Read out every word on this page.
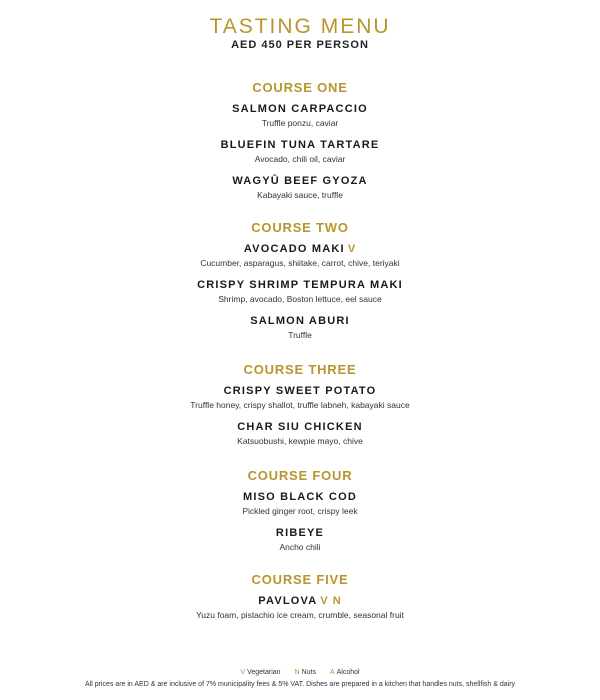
TASTING MENU
AED 450 PER PERSON
COURSE ONE
SALMON CARPACCIO
Truffle ponzu, caviar
BLUEFIN TUNA TARTARE
Avocado, chili oil, caviar
WAGYŪ BEEF GYOZA
Kabayaki sauce, truffle
COURSE TWO
AVOCADO MAKI V
Cucumber, asparagus, shiitake, carrot, chive, teriyaki
CRISPY SHRIMP TEMPURA MAKI
Shrimp, avocado, Boston lettuce, eel sauce
SALMON ABURI
Truffle
COURSE THREE
CRISPY SWEET POTATO
Truffle honey, crispy shallot, truffle labneh, kabayaki sauce
CHAR SIU CHICKEN
Katsuobushi, kewpie mayo, chive
COURSE FOUR
MISO BLACK COD
Pickled ginger root, crispy leek
RIBEYE
Ancho chili
COURSE FIVE
PAVLOVA V N
Yuzu foam, pistachio ice cream, crumble, seasonal fruit
V Vegetarian N Nuts A Alcohol
All prices are in AED & are inclusive of 7% municipality fees & 5% VAT. Dishes are prepared in a kitchen that handles nuts, shellfish & dairy
